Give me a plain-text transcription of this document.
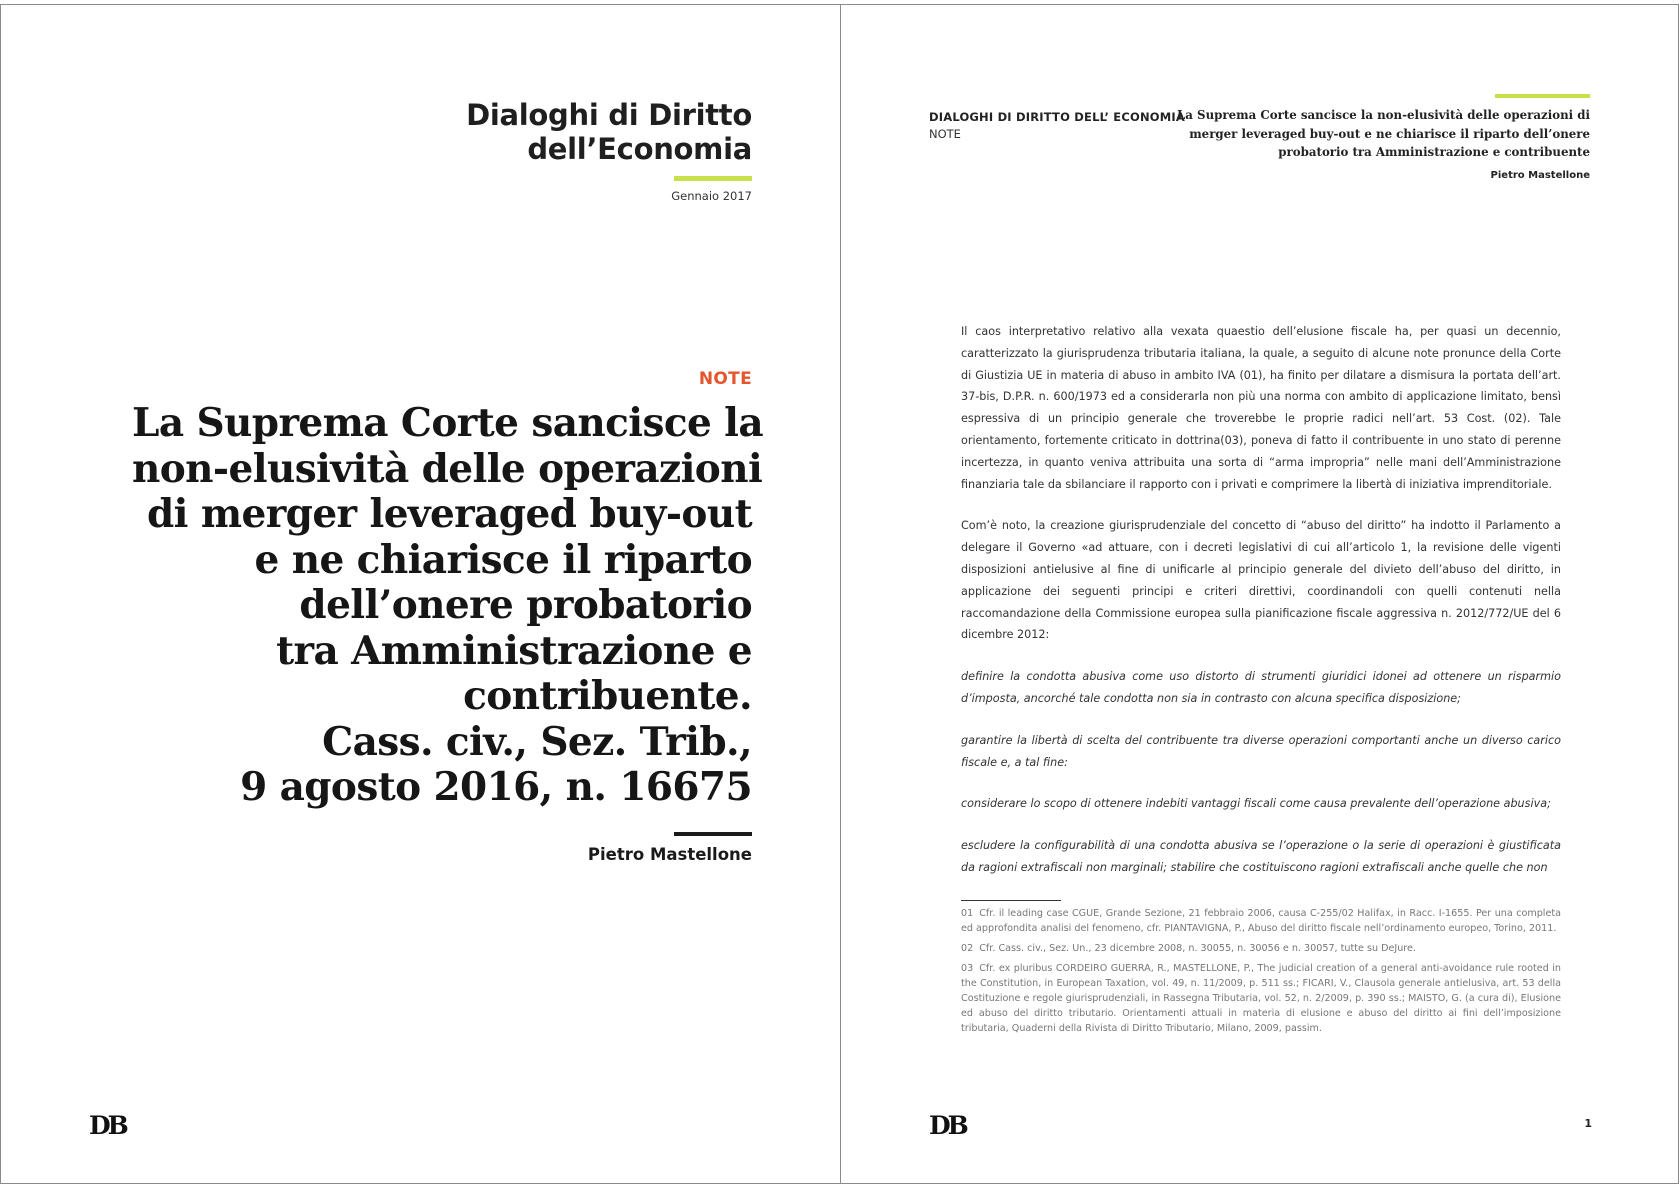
Dialoghi di Diritto
dell’Economia
Gennaio 2017
NOTE
La Suprema Corte sancisce la
non-elusività delle operazioni
di merger leveraged buy-out
e ne chiarisce il riparto
dell’onere probatorio
tra Amministrazione e
contribuente.
Cass. civ., Sez. Trib.,
9 agosto 2016, n. 16675
Pietro Mastellone
DB
DIALOGHI DI DIRITTO DELL’ ECONOMIA
NOTE
La Suprema Corte sancisce la non-elusività delle operazioni di
merger leveraged buy-out e ne chiarisce il riparto dell’onere
probatorio tra Amministrazione e contribuente
Pietro Mastellone

Il caos interpretativo relativo alla vexata quaestio dell’elusione fiscale ha, per quasi un decennio, caratterizzato la giurisprudenza tributaria italiana, la quale, a seguito di alcune note pronunce della Corte di Giustizia UE in materia di abuso in ambito IVA (01), ha finito per dilatare a dismisura la portata dell’art. 37-bis, D.P.R. n. 600/1973 ed a considerarla non più una norma con ambito di applicazione limitato, bensì espressiva di un principio generale che troverebbe le proprie radici nell’art. 53 Cost. (02). Tale orientamento, fortemente criticato in dottrina(03), poneva di fatto il contribuente in uno stato di perenne incertezza, in quanto veniva attribuita una sorta di “arma impropria” nelle mani dell’Amministrazione finanziaria tale da sbilanciare il rapporto con i privati e comprimere la libertà di iniziativa imprenditoriale.

Com’è noto, la creazione giurisprudenziale del concetto di “abuso del diritto” ha indotto il Parlamento a delegare il Governo «ad attuare, con i decreti legislativi di cui all’articolo 1, la revisione delle vigenti disposizioni antielusive al fine di unificarle al principio generale del divieto dell’abuso del diritto, in applicazione dei seguenti principi e criteri direttivi, coordinandoli con quelli contenuti nella raccomandazione della Commissione europea sulla pianificazione fiscale aggressiva n. 2012/772/UE del 6 dicembre 2012:

definire la condotta abusiva come uso distorto di strumenti giuridici idonei ad ottenere un risparmio d’imposta, ancorché tale condotta non sia in contrasto con alcuna specifica disposizione;

garantire la libertà di scelta del contribuente tra diverse operazioni comportanti anche un diverso carico fiscale e, a tal fine:

considerare lo scopo di ottenere indebiti vantaggi fiscali come causa prevalente dell’operazione abusiva;

escludere la configurabilità di una condotta abusiva se l’operazione o la serie di operazioni è giustificata da ragioni extrafiscali non marginali; stabilire che costituiscono ragioni extrafiscali anche quelle che non

01 Cfr. il leading case CGUE, Grande Sezione, 21 febbraio 2006, causa C-255/02 Halifax, in Racc. I-1655. Per una completa ed approfondita analisi del fenomeno, cfr. PIANTAVIGNA, P., Abuso del diritto fiscale nell’ordinamento europeo, Torino, 2011.
02 Cfr. Cass. civ., Sez. Un., 23 dicembre 2008, n. 30055, n. 30056 e n. 30057, tutte su DeJure.
03 Cfr. ex pluribus CORDEIRO GUERRA, R., MASTELLONE, P., The judicial creation of a general anti-avoidance rule rooted in the Constitution, in European Taxation, vol. 49, n. 11/2009, p. 511 ss.; FICARI, V., Clausola generale antielusiva, art. 53 della Costituzione e regole giurisprudenziali, in Rassegna Tributaria, vol. 52, n. 2/2009, p. 390 ss.; MAISTO, G. (a cura di), Elusione ed abuso del diritto tributario. Orientamenti attuali in materia di elusione e abuso del diritto ai fini dell’imposizione tributaria, Quaderni della Rivista di Diritto Tributario, Milano, 2009, passim.
DB	1
